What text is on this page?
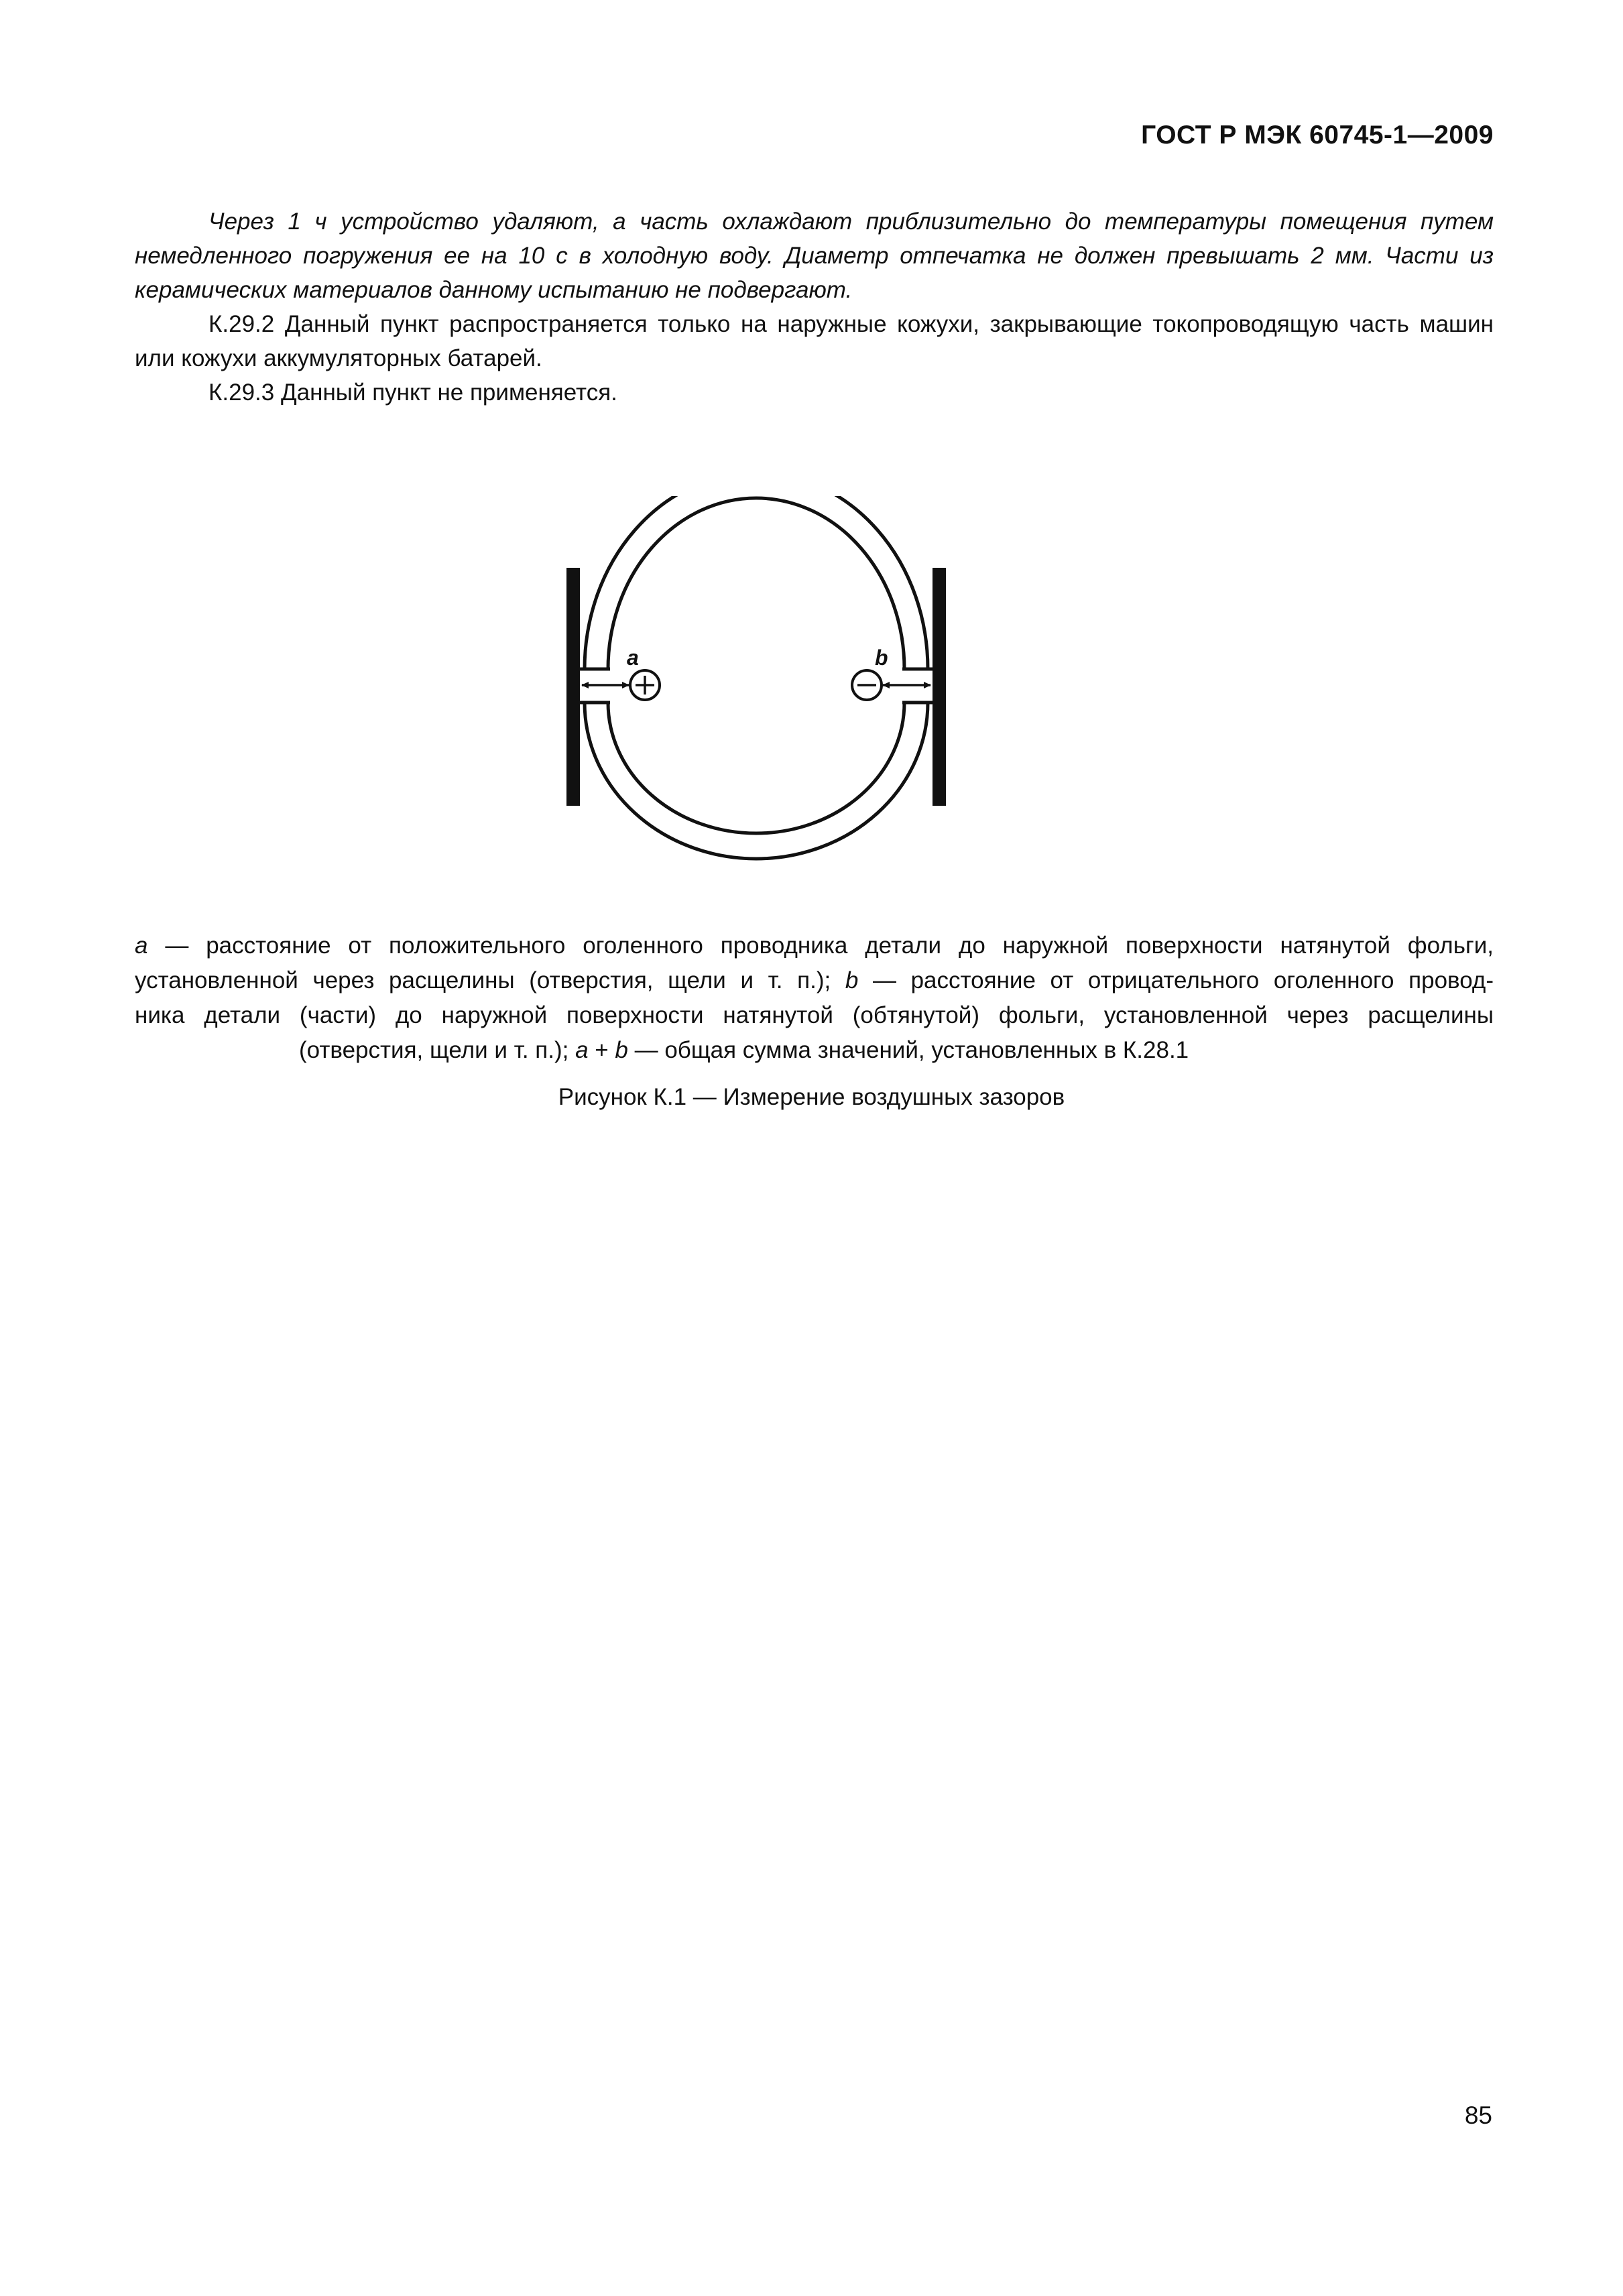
ГОСТ Р МЭК 60745-1—2009

Через 1 ч устройство удаляют, а часть охлаждают приблизительно до температуры помещения путем немедленного погружения ее на 10 с в холодную воду. Диаметр отпечатка не должен превышать 2 мм. Части из керамических материалов данному испытанию не подвергают.

К.29.2 Данный пункт распространяется только на наружные кожухи, закрывающие токопроводящую часть машин или кожухи аккумуляторных батарей.

К.29.3 Данный пункт не применяется.

a	b
a — расстояние от положительного оголенного проводника детали до наружной поверхности натянутой фольги,
установленной через расщелины (отверстия, щели и т. п.); b — расстояние от отрицательного оголенного провод-
ника детали (части) до наружной поверхности натянутой (обтянутой) фольги, установленной через расщелины
(отверстия, щели и т. п.); a + b — общая сумма значений, установленных в К.28.1
Рисунок К.1 — Измерение воздушных зазоров
85
